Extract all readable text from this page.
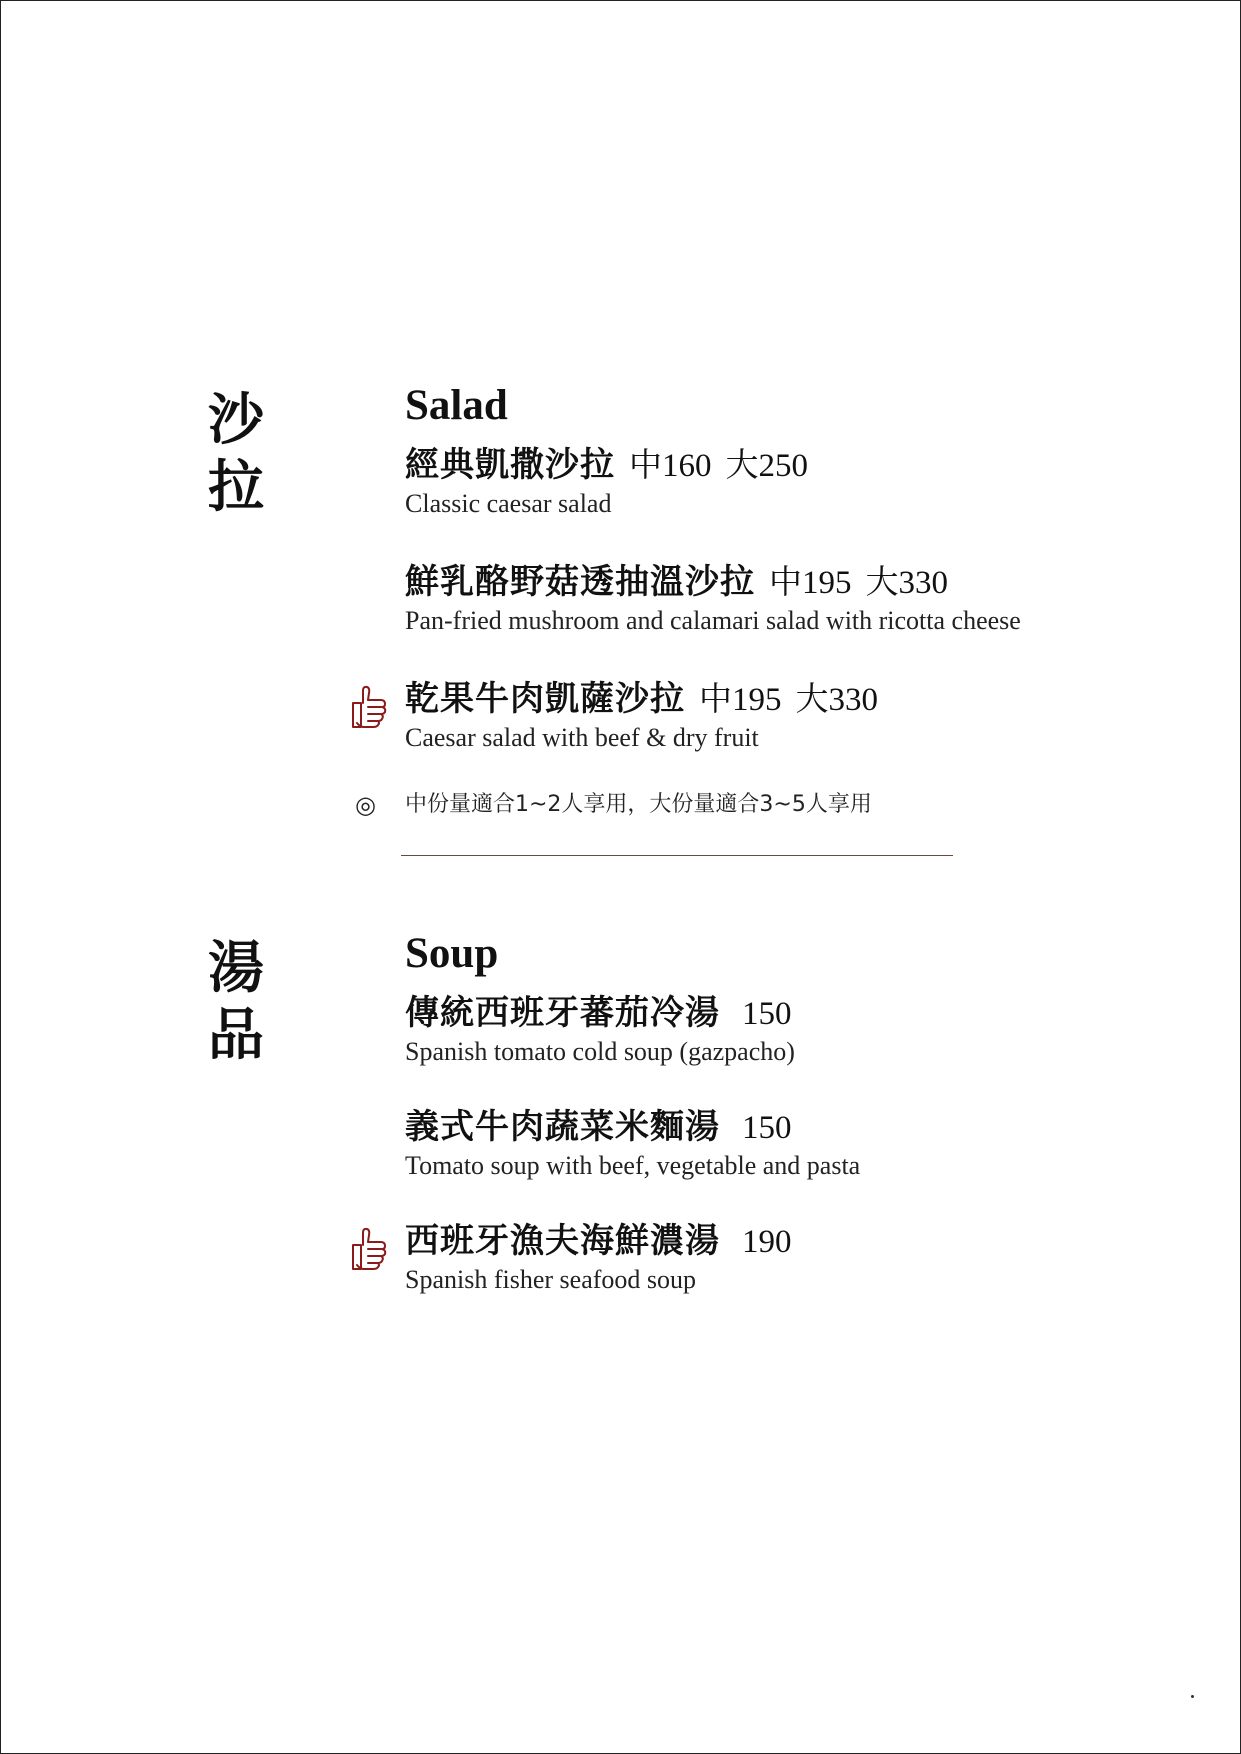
沙
拉
Salad
經典凱撒沙拉 中160 大250
Classic caesar salad
鮮乳酪野菇透抽溫沙拉 中195 大330
Pan-fried mushroom and calamari salad with ricotta cheese
乾果牛肉凱薩沙拉 中195 大330
Caesar salad with beef & dry fruit
◎ 中份量適合1~2人享用，大份量適合3~5人享用
湯
品
Soup
傳統西班牙蕃茄冷湯 150
Spanish tomato cold soup (gazpacho)
義式牛肉蔬菜米麵湯 150
Tomato soup with beef, vegetable and pasta
西班牙漁夫海鮮濃湯 190
Spanish fisher seafood soup
